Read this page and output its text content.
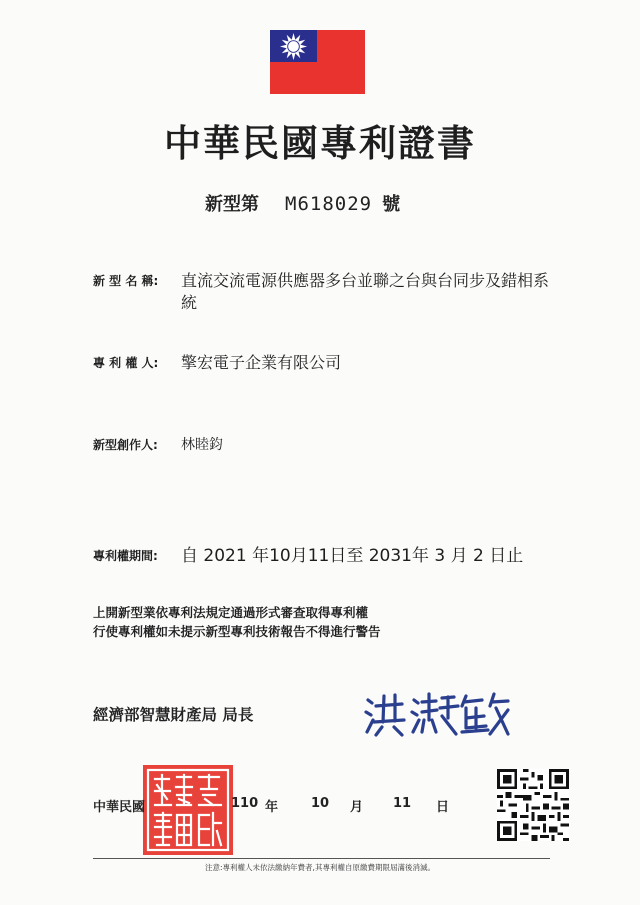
中華民國專利證書
新型第 M618029 號
新 型 名 稱:	直流交流電源供應器多台並聯之台與台同步及錯相系統
專 利 權 人:	擎宏電子企業有限公司
新型創作人:	林睦鈞
專利權期間:	自 2021 年10月11日至 2031年 3 月 2 日止
上開新型業依專利法規定通過形式審查取得專利權
行使專利權如未提示新型專利技術報告不得進行警告
經濟部智慧財產局 局長
中華民國	110 年	10 月 11 日
注意:專利權人未依法繳納年費者,其專利權自原繳費期限屆滿後消滅。
